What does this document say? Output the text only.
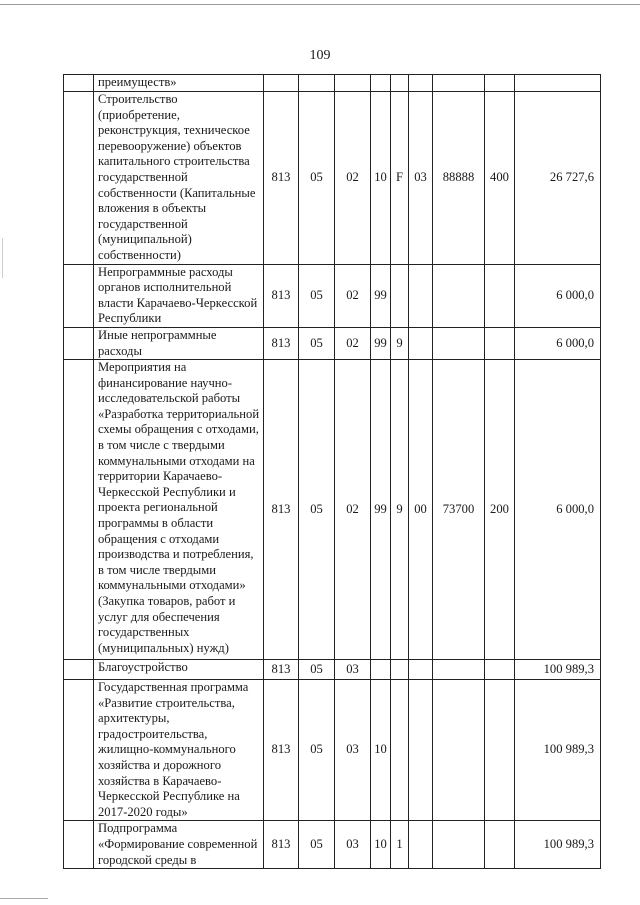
109
	преимуществ»									
	Строительство (приобретение, реконструкция, техническое перевооружение) объектов капитального строительства государственной собственности (Капитальные вложения в объекты государственной (муниципальной) собственности)	813	05	02	10	F	03	88888	400	26 727,6
	Непрограммные расходы органов исполнительной власти Карачаево-Черкесской Республики	813	05	02	99					6 000,0
	Иные непрограммные расходы	813	05	02	99	9				6 000,0
	Мероприятия на финансирование научно-исследовательской работы «Разработка территориальной схемы обращения с отходами, в том числе с твердыми коммунальными отходами на территории Карачаево-Черкесской Республики и проекта региональной программы в области обращения с отходами производства и потребления, в том числе твердыми коммунальными отходами» (Закупка товаров, работ и услуг для обеспечения государственных (муниципальных) нужд)	813	05	02	99	9	00	73700	200	6 000,0
	Благоустройство	813	05	03						100 989,3
	Государственная программа «Развитие строительства, архитектуры, градостроительства, жилищно-коммунального хозяйства и дорожного хозяйства в Карачаево-Черкесской Республике на 2017-2020 годы»	813	05	03	10					100 989,3
	Подпрограмма «Формирование современной городской среды в	813	05	03	10	1				100 989,3
